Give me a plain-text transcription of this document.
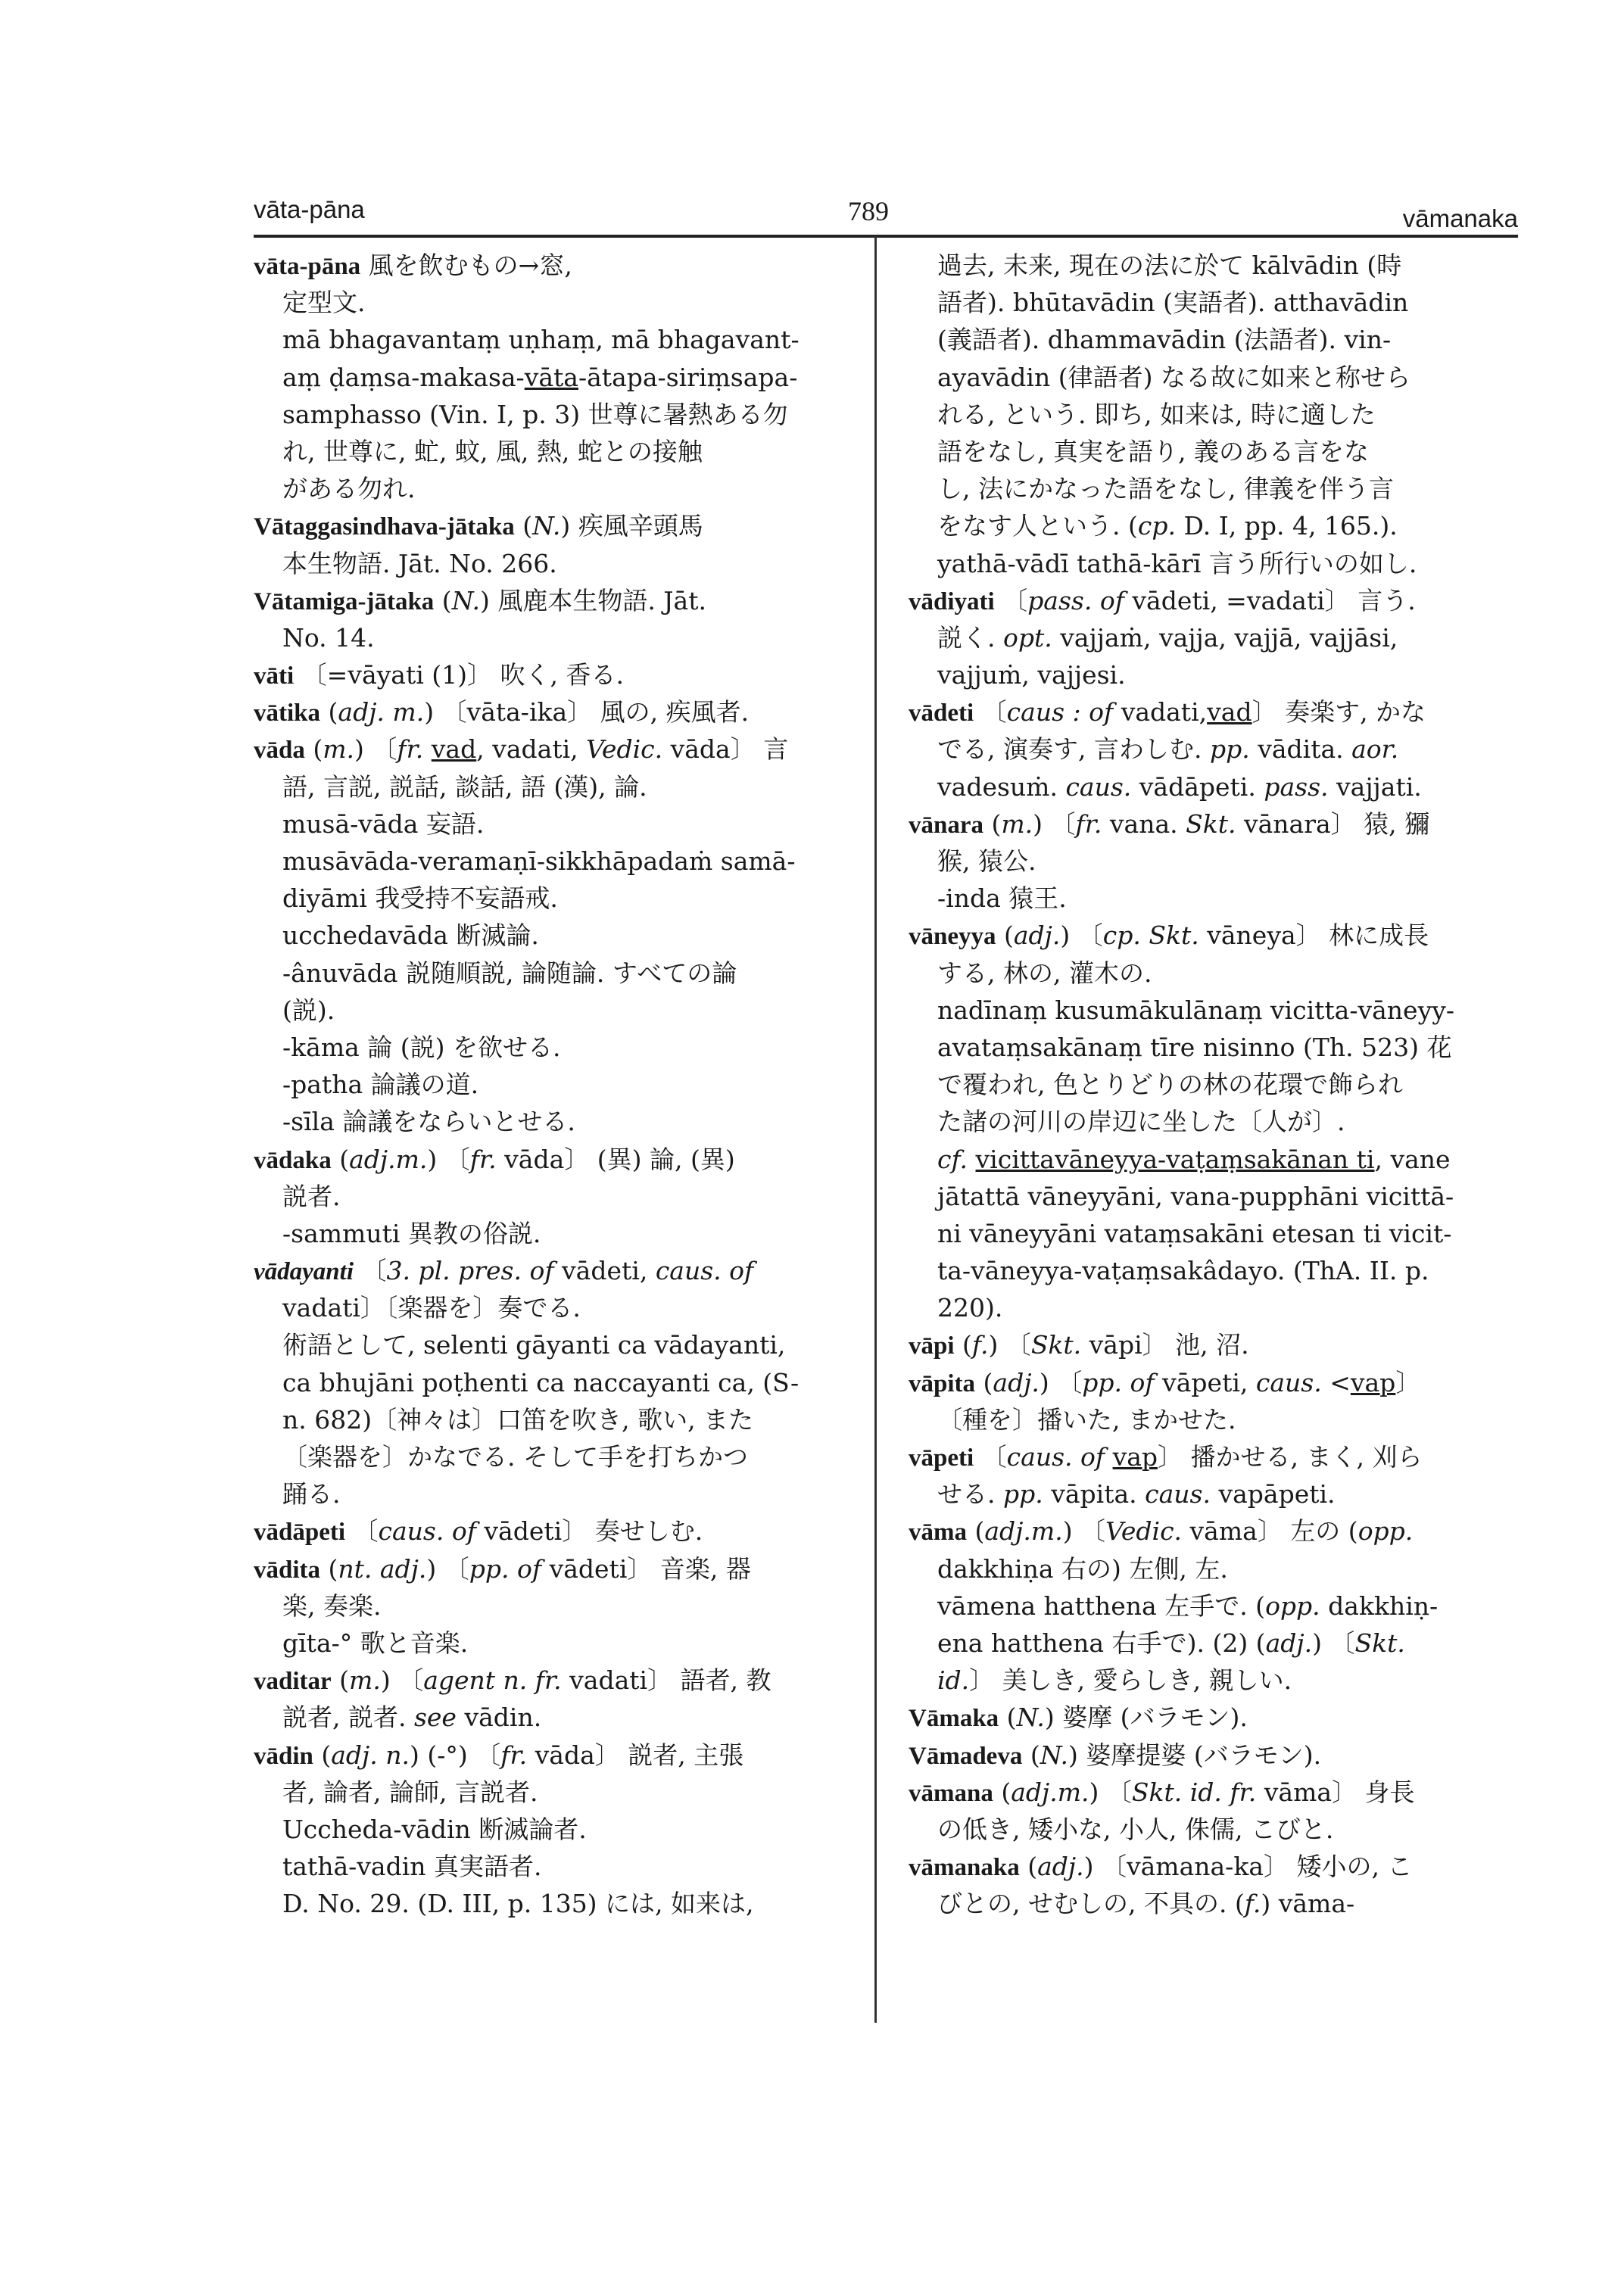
vāta-pāna	789	vāmanaka
vāta-pāna 風を飲むもの→窓,
定型文.
mā bhagavantaṃ uṇhaṃ, mā bhagavant-
aṃ ḍaṃsa-makasa-vāta-ātapa-siriṃsapa-
samphasso (Vin. I, p. 3) 世尊に暑熱ある勿
れ, 世尊に, 虻, 蚊, 風, 熱, 蛇との接触
がある勿れ.
Vātaggasindhava-jātaka (N.) 疾風辛頭馬
本生物語. Jāt. No. 266.
Vātamiga-jātaka (N.) 風鹿本生物語. Jāt.
No. 14.
vāti 〔=vāyati (1)〕 吹く, 香る.
vātika (adj. m.) 〔vāta-ika〕 風の, 疾風者.
vāda (m.) 〔fr. vad, vadati, Vedic. vāda〕 言
語, 言説, 説話, 談話, 語 (漢), 論.
musā-vāda 妄語.
musāvāda-veramaṇī-sikkhāpadaṁ samā-
diyāmi 我受持不妄語戒.
ucchedavāda 断滅論.
-ânuvāda 説随順説, 論随論. すべての論
(説).
-kāma 論 (説) を欲せる.
-patha 論議の道.
-sīla 論議をならいとせる.
vādaka (adj.m.) 〔fr. vāda〕 (異) 論, (異)
説者.
-sammuti 異教の俗説.
vādayanti 〔3. pl. pres. of vādeti, caus. of
vadati〕〔楽器を〕奏でる.
術語として, selenti gāyanti ca vādayanti,
ca bhujāni poṭhenti ca naccayanti ca, (S-
n. 682)〔神々は〕口笛を吹き, 歌い, また
〔楽器を〕かなでる. そして手を打ちかつ
踊る.
vādāpeti 〔caus. of vādeti〕 奏せしむ.
vādita (nt. adj.) 〔pp. of vādeti〕 音楽, 器
楽, 奏楽.
gīta-° 歌と音楽.
vaditar (m.) 〔agent n. fr. vadati〕 語者, 教
説者, 説者. see vādin.
vādin (adj. n.) (-°) 〔fr. vāda〕 説者, 主張
者, 論者, 論師, 言説者.
Uccheda-vādin 断滅論者.
tathā-vadin 真実語者.
D. No. 29. (D. III, p. 135) には, 如来は,
過去, 未来, 現在の法に於て kālvādin (時
語者). bhūtavādin (実語者). atthavādin
(義語者). dhammavādin (法語者). vin-
ayavādin (律語者) なる故に如来と称せら
れる, という. 即ち, 如来は, 時に適した
語をなし, 真実を語り, 義のある言をな
し, 法にかなった語をなし, 律義を伴う言
をなす人という. (cp. D. I, pp. 4, 165.).
yathā-vādī tathā-kārī 言う所行いの如し.
vādiyati 〔pass. of vādeti, =vadati〕 言う.
説く. opt. vajjaṁ, vajja, vajjā, vajjāsi,
vajjuṁ, vajjesi.
vādeti 〔caus : of vadati,vad〕 奏楽す, かな
でる, 演奏す, 言わしむ. pp. vādita. aor.
vadesuṁ. caus. vādāpeti. pass. vajjati.
vānara (m.) 〔fr. vana. Skt. vānara〕 猿, 獼
猴, 猿公.
-inda 猿王.
vāneyya (adj.) 〔cp. Skt. vāneya〕 林に成長
する, 林の, 灌木の.
nadīnaṃ kusumākulānaṃ vicitta-vāneyy-
avataṃsakānaṃ tīre nisinno (Th. 523) 花
で覆われ, 色とりどりの林の花環で飾られ
た諸の河川の岸辺に坐した〔人が〕.
cf. vicittavāneyya-vaṭaṃsakānan ti, vane
jātattā vāneyyāni, vana-pupphāni vicittā-
ni vāneyyāni vataṃsakāni etesan ti vicit-
ta-vāneyya-vaṭaṃsakâdayo. (ThA. II. p.
220).
vāpi (f.) 〔Skt. vāpi〕 池, 沼.
vāpita (adj.) 〔pp. of vāpeti, caus. <vap〕
〔種を〕播いた, まかせた.
vāpeti 〔caus. of vap〕 播かせる, まく, 刈ら
せる. pp. vāpita. caus. vapāpeti.
vāma (adj.m.) 〔Vedic. vāma〕 左の (opp.
dakkhiṇa 右の) 左側, 左.
vāmena hatthena 左手で. (opp. dakkhiṇ-
ena hatthena 右手で). (2) (adj.) 〔Skt.
id.〕 美しき, 愛らしき, 親しい.
Vāmaka (N.) 婆摩 (バラモン).
Vāmadeva (N.) 婆摩提婆 (バラモン).
vāmana (adj.m.) 〔Skt. id. fr. vāma〕 身長
の低き, 矮小な, 小人, 侏儒, こびと.
vāmanaka (adj.) 〔vāmana-ka〕 矮小の, こ
びとの, せむしの, 不具の. (f.) vāma-
